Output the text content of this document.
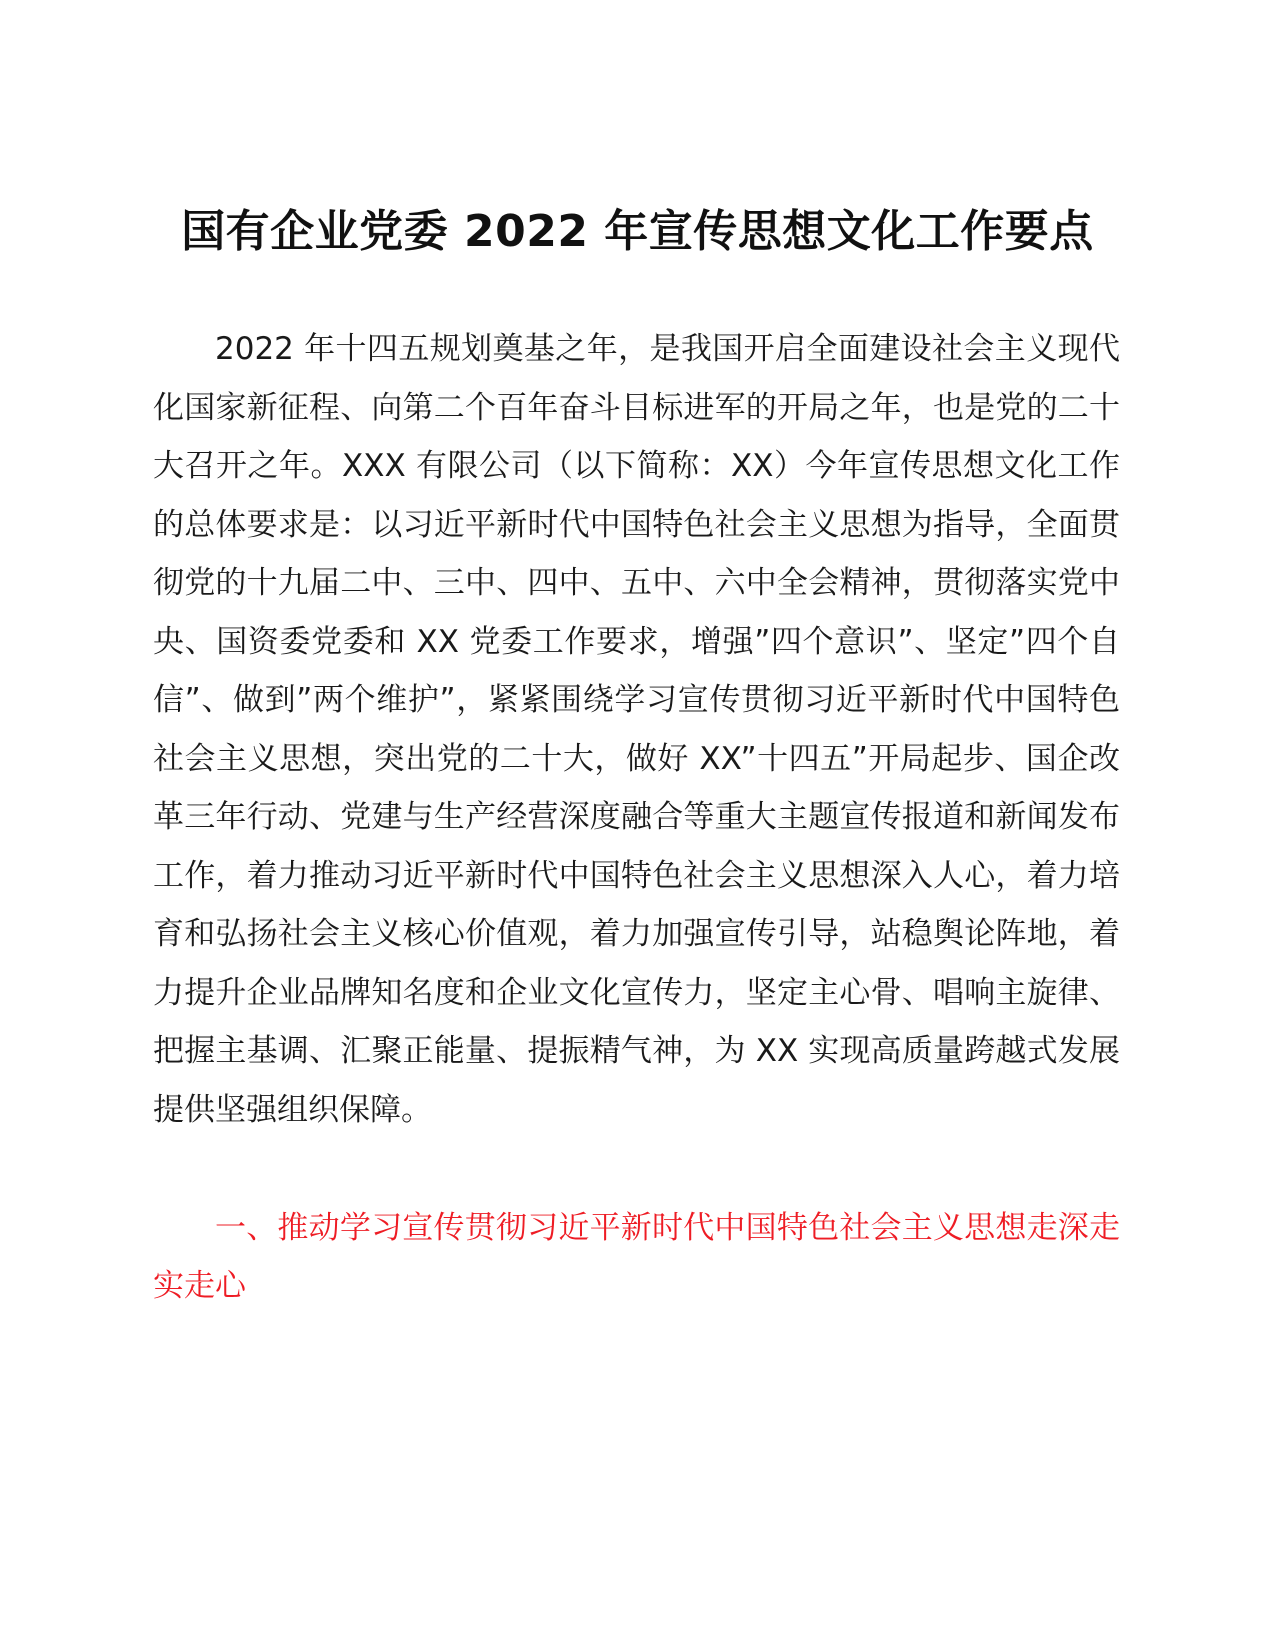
国有企业党委 2022 年宣传思想文化工作要点

2022 年十四五规划奠基之年，是我国开启全面建设社会主义现代化国家新征程、向第二个百年奋斗目标进军的开局之年，也是党的二十大召开之年。XXX 有限公司（以下简称：XX）今年宣传思想文化工作的总体要求是：以习近平新时代中国特色社会主义思想为指导，全面贯彻党的十九届二中、三中、四中、五中、六中全会精神，贯彻落实党中央、国资委党委和 XX 党委工作要求，增强”四个意识”、坚定”四个自信”、做到”两个维护”，紧紧围绕学习宣传贯彻习近平新时代中国特色社会主义思想，突出党的二十大，做好 XX”十四五”开局起步、国企改革三年行动、党建与生产经营深度融合等重大主题宣传报道和新闻发布工作，着力推动习近平新时代中国特色社会主义思想深入人心，着力培育和弘扬社会主义核心价值观，着力加强宣传引导，站稳舆论阵地，着力提升企业品牌知名度和企业文化宣传力，坚定主心骨、唱响主旋律、把握主基调、汇聚正能量、提振精气神，为 XX 实现高质量跨越式发展提供坚强组织保障。

一、推动学习宣传贯彻习近平新时代中国特色社会主义思想走深走实走心
